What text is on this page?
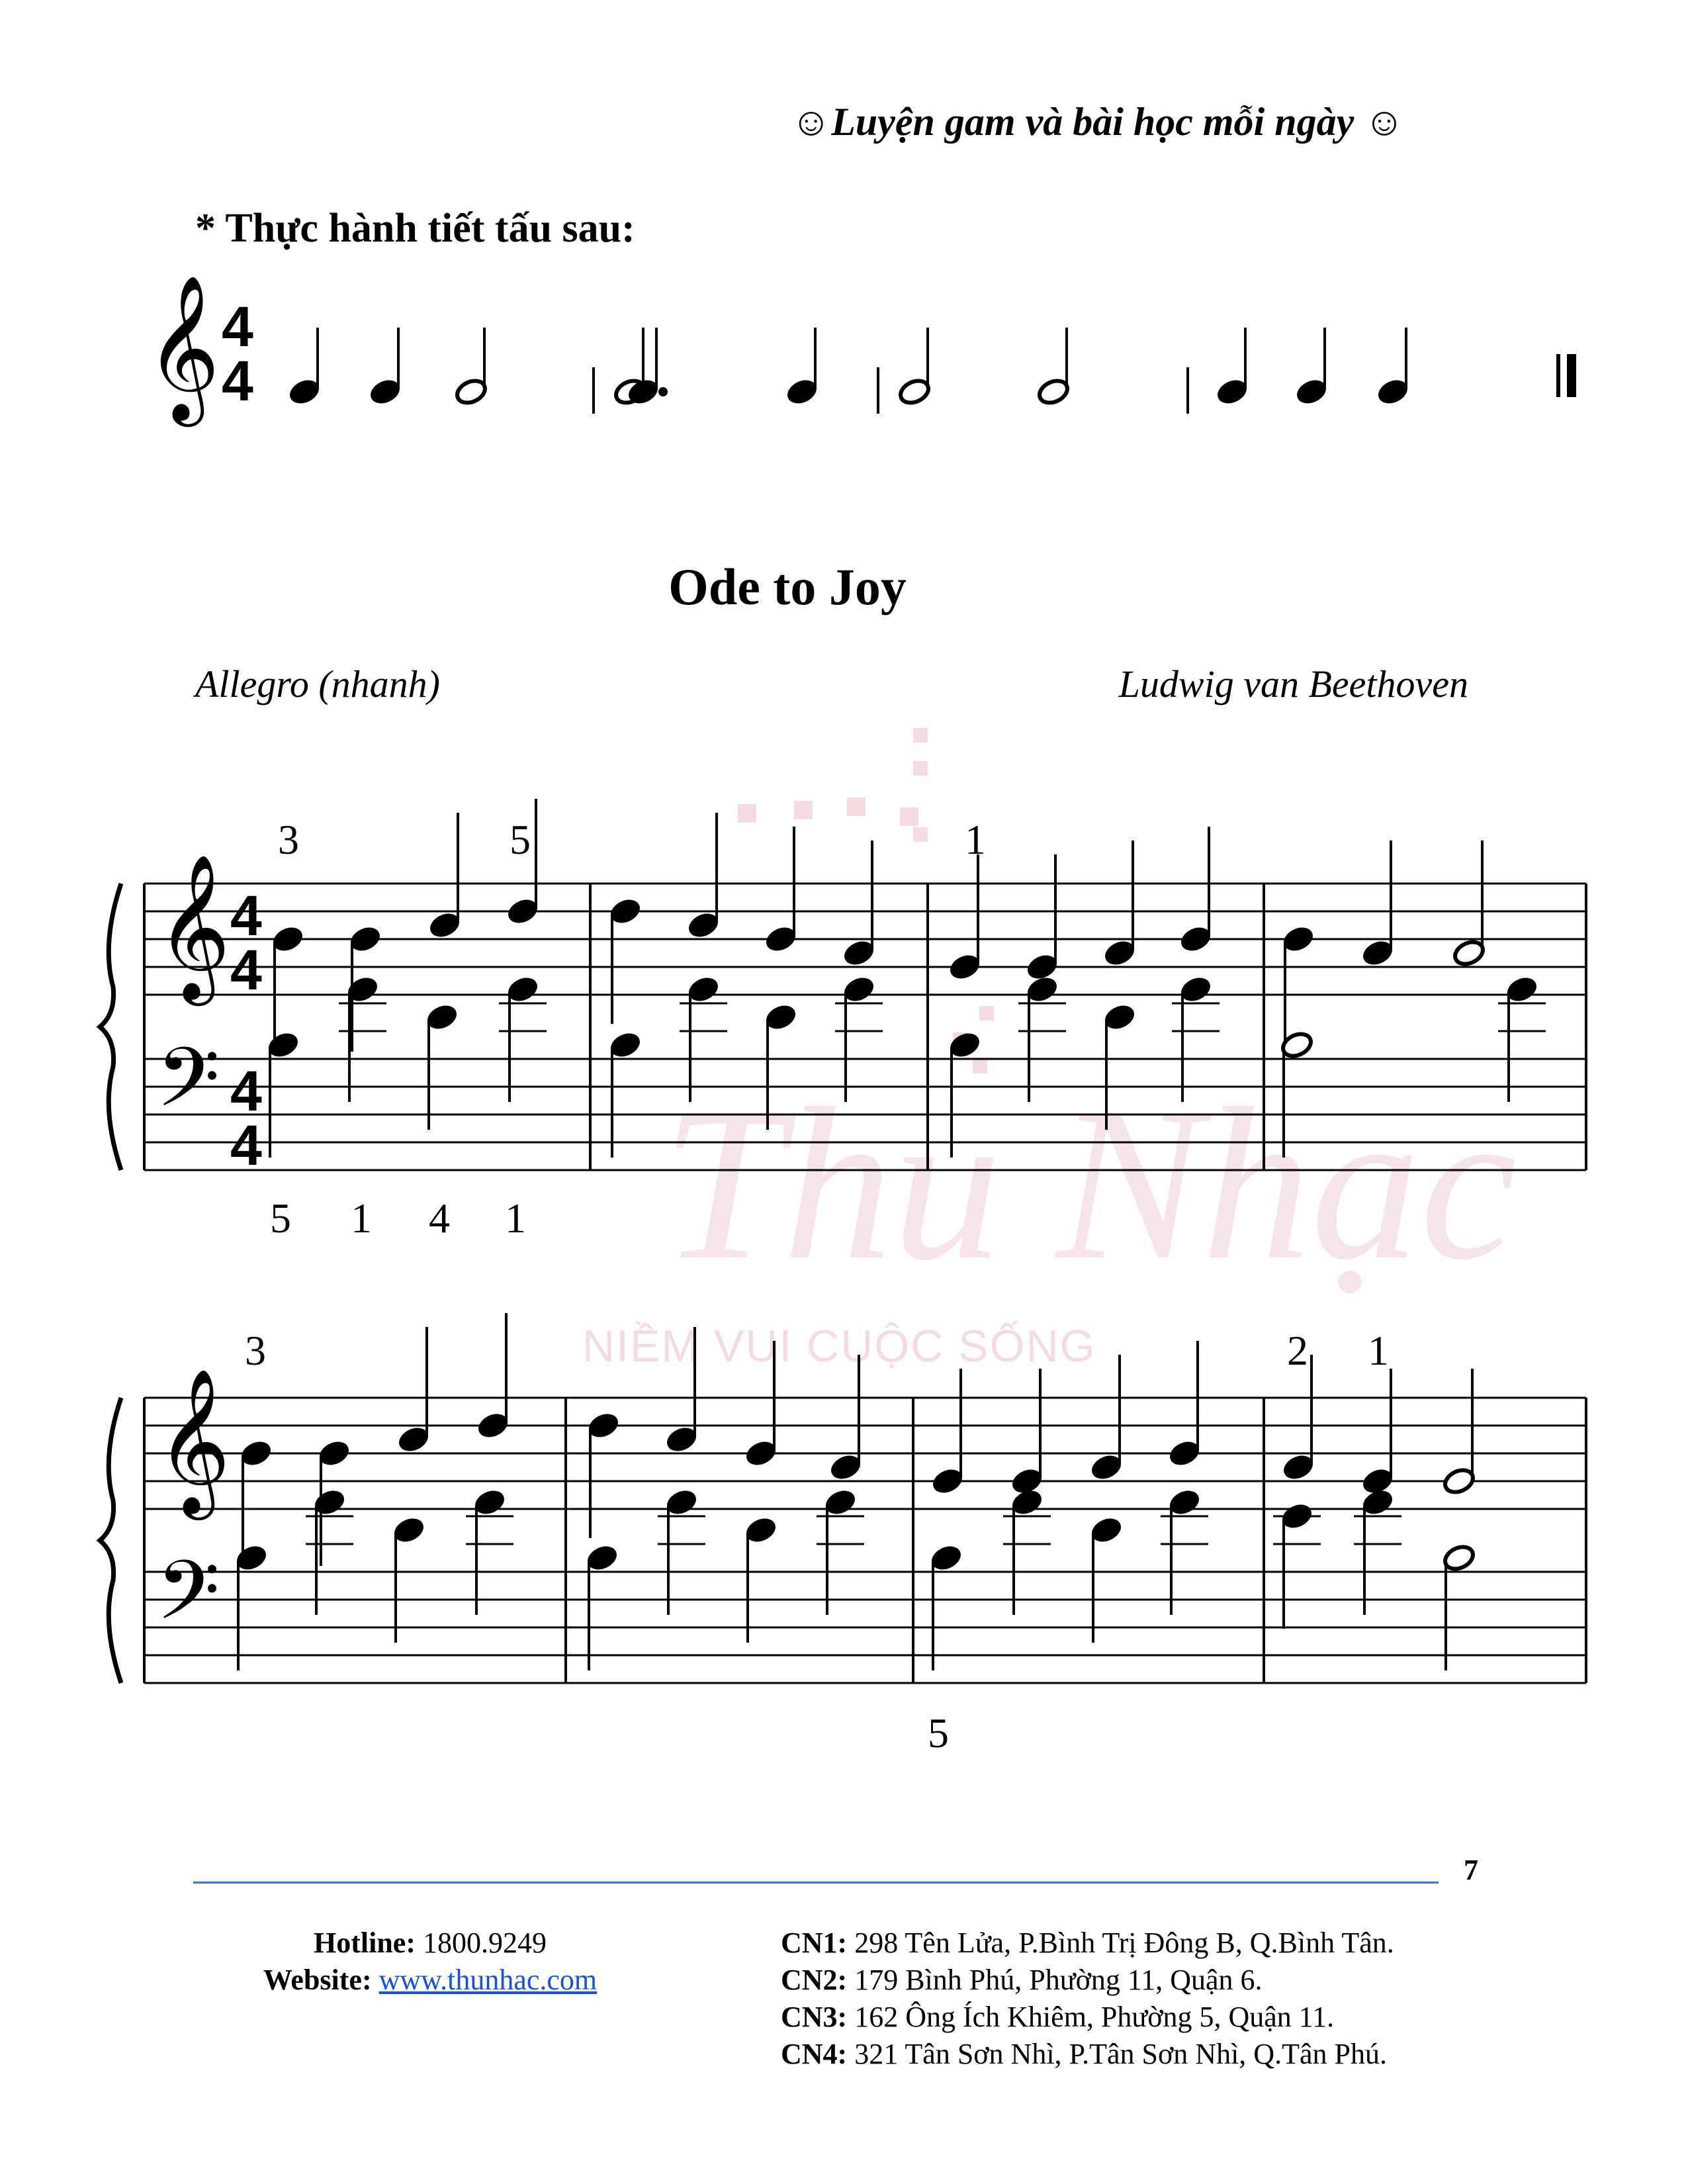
Thu Nhạc
NIỀM VUI CUỘC SỐNG
☺Luyện gam và bài học mỗi ngày ☺
* Thực hành tiết tấu sau:
𝄞 4
4
Ode to Joy
Allegro (nhanh)	Ludwig van Beethoven
𝄞
𝄢
4
4
4
4
𝄞
𝄢
3	5	1
5 1 4 1
3	2 1
5
7
Hotline: 1800.9249
Website: www.thunhac.com
CN1: 298 Tên Lửa, P.Bình Trị Đông B, Q.Bình Tân.
CN2: 179 Bình Phú, Phường 11, Quận 6.
CN3: 162 Ông Ích Khiêm, Phường 5, Quận 11.
CN4: 321 Tân Sơn Nhì, P.Tân Sơn Nhì, Q.Tân Phú.
